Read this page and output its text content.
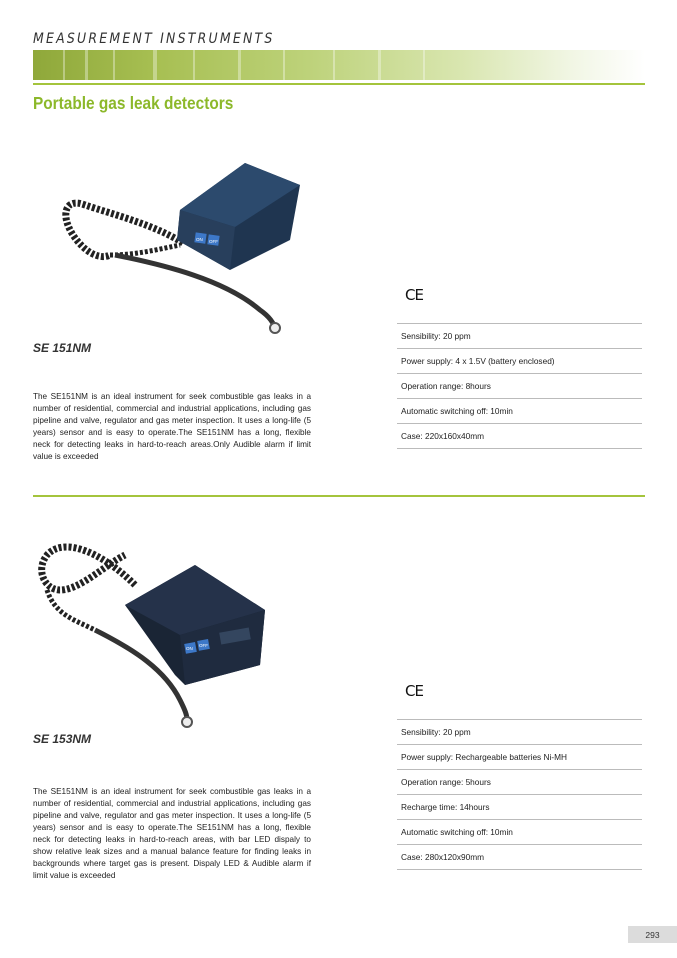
MEASUREMENT INSTRUMENTS
Portable gas leak detectors
ON OFF
SE 151NM
The SE151NM is an ideal instrument for seek combustible gas leaks in a number of residential, commercial and industrial applications, including gas pipeline and valve, regulator and gas meter inspection. It uses a long-life (5 years) sensor and is easy to operate.The SE151NM has a long, flexible neck for detecting leaks in hard-to-reach areas.Only Audible alarm if limit value is exceeded
CE
Sensibility: 20 ppm
Power supply: 4 x 1.5V (battery enclosed)
Operation range: 8hours
Automatic switching off: 10min
Case: 220x160x40mm
ON
OFF
SE 153NM
The SE151NM is an ideal instrument for seek combustible gas leaks in a number of residential, commercial and industrial applications, including gas pipeline and valve, regulator and gas meter inspection. It uses a long-life (5 years) sensor and is easy to operate.The SE151NM has a long, flexible neck for detecting leaks in hard-to-reach areas, with bar LED dispaly to show relative leak sizes and a manual balance feature for finding leaks in backgrounds where target gas is present. Dispaly LED & Audible alarm if limit value is exceeded
CE
Sensibility: 20 ppm
Power supply: Rechargeable batteries Ni-MH
Operation range: 5hours
Recharge time: 14hours
Automatic switching off: 10min
Case: 280x120x90mm
293
